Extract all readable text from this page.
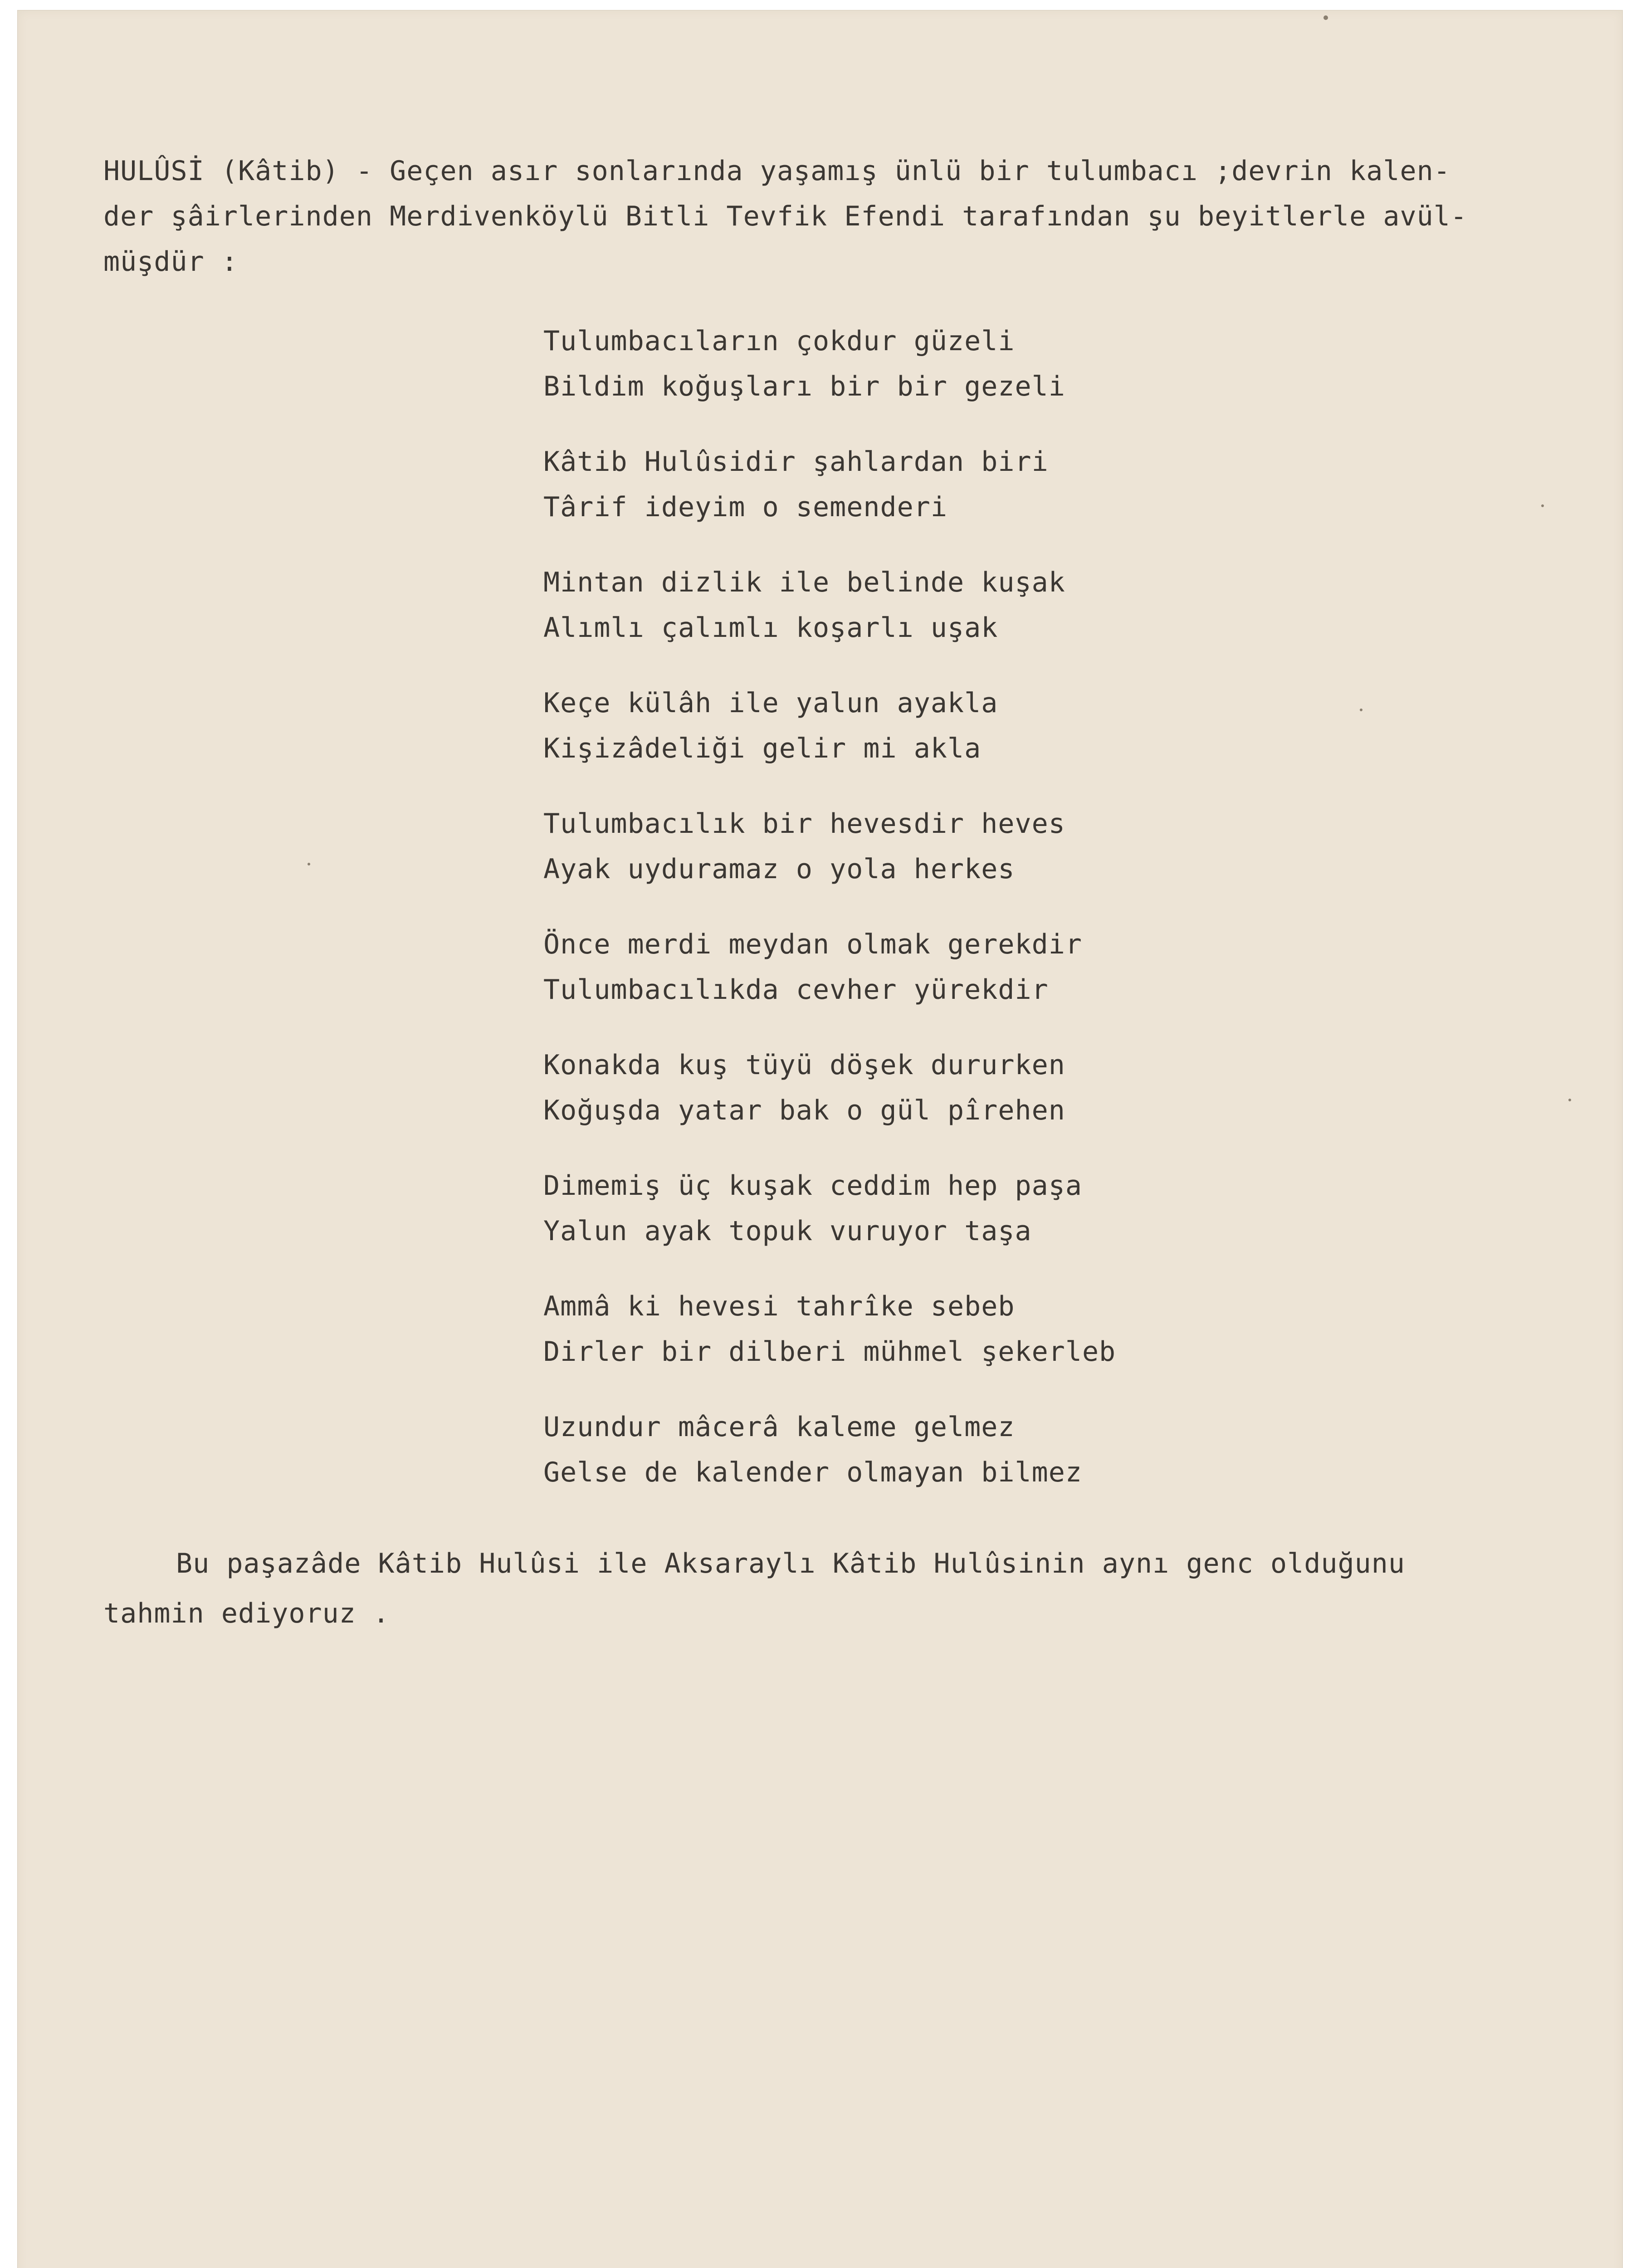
HULÛSİ (Kâtib) - Geçen asır sonlarında yaşamış ünlü bir tulumbacı ;devrin kalen-
der şâirlerinden Merdivenköylü Bitli Tevfik Efendi tarafından şu beyitlerle avül-
müşdür :
Tulumbacıların çokdur güzeli
Bildim koğuşları bir bir gezeli
Kâtib Hulûsidir şahlardan biri
Târif ideyim o semenderi
Mintan dizlik ile belinde kuşak
Alımlı çalımlı koşarlı uşak
Keçe külâh ile yalun ayakla
Kişizâdeliği gelir mi akla
Tulumbacılık bir hevesdir heves
Ayak uyduramaz o yola herkes
Önce merdi meydan olmak gerekdir
Tulumbacılıkda cevher yürekdir
Konakda kuş tüyü döşek dururken
Koğuşda yatar bak o gül pîrehen
Dimemiş üç kuşak ceddim hep paşa
Yalun ayak topuk vuruyor taşa
Ammâ ki hevesi tahrîke sebeb
Dirler bir dilberi mühmel şekerleb
Uzundur mâcerâ kaleme gelmez
Gelse de kalender olmayan bilmez
Bu paşazâde Kâtib Hulûsi ile Aksaraylı Kâtib Hulûsinin aynı genc olduğunu
tahmin ediyoruz .
